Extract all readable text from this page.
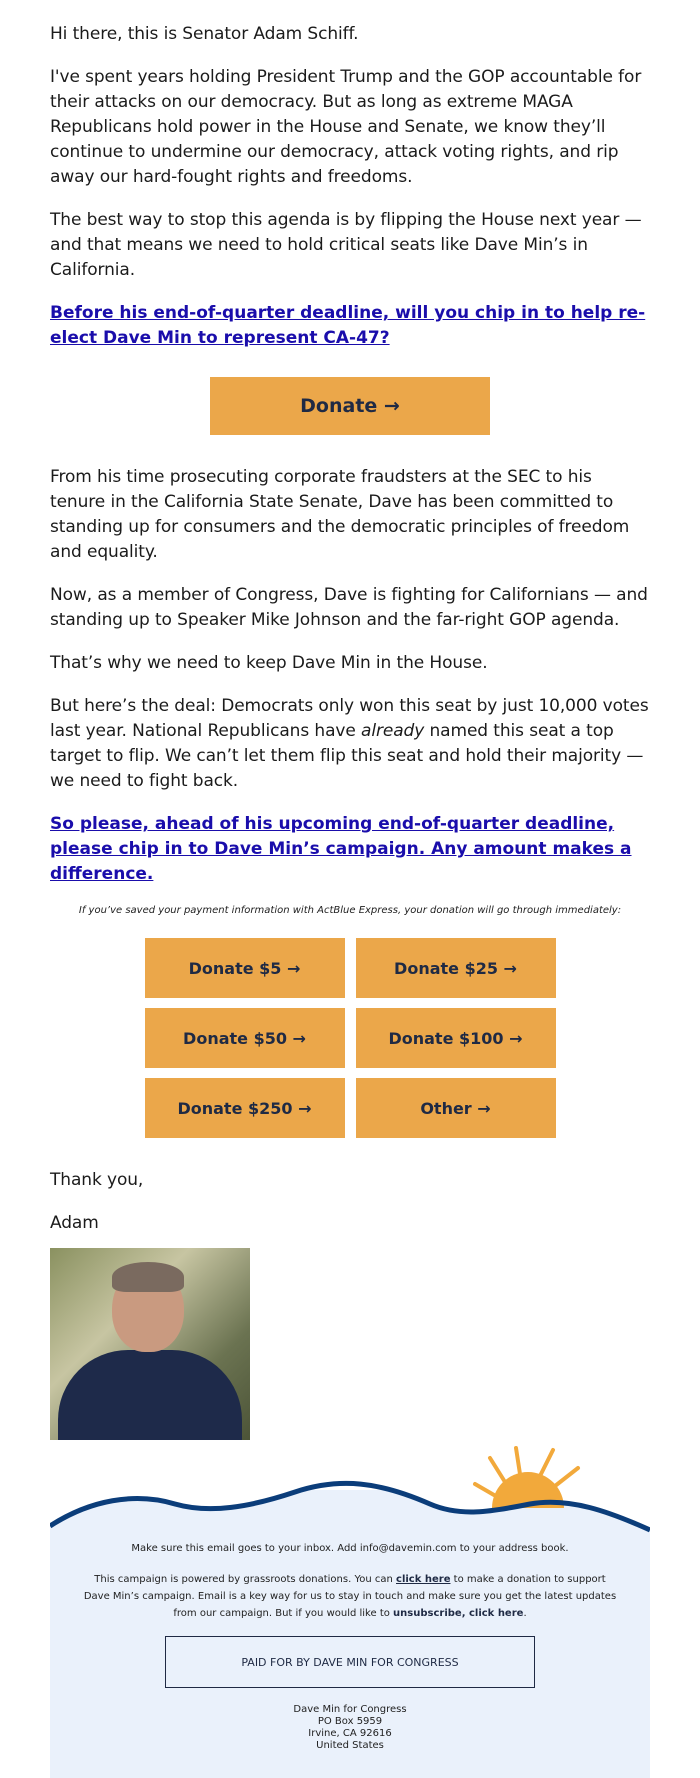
Hi there, this is Senator Adam Schiff.

I've spent years holding President Trump and the GOP accountable for their attacks on our democracy. But as long as extreme MAGA Republicans hold power in the House and Senate, we know they’ll continue to undermine our democracy, attack voting rights, and rip away our hard-fought rights and freedoms.

The best way to stop this agenda is by flipping the House next year — and that means we need to hold critical seats like Dave Min’s in California.

Before his end-of-quarter deadline, will you chip in to help re-elect Dave Min to represent CA-47?
Donate →

From his time prosecuting corporate fraudsters at the SEC to his tenure in the California State Senate, Dave has been committed to standing up for consumers and the democratic principles of freedom and equality.

Now, as a member of Congress, Dave is fighting for Californians — and standing up to Speaker Mike Johnson and the far-right GOP agenda.

That’s why we need to keep Dave Min in the House.

But here’s the deal: Democrats only won this seat by just 10,000 votes last year. National Republicans have already named this seat a top target to flip. We can’t let them flip this seat and hold their majority — we need to fight back.

So please, ahead of his upcoming end-of-quarter deadline, please chip in to Dave Min’s campaign. Any amount makes a difference.
If you’ve saved your payment information with ActBlue Express, your donation will go through immediately:
Donate $5 →	Donate $25 →
Donate $50 →	Donate $100 →
Donate $250 →	Other →

Thank you,

Adam

Make sure this email goes to your inbox. Add info@davemin.com to your address book.

This campaign is powered by grassroots donations. You can click here to make a donation to support Dave Min’s campaign. Email is a key way for us to stay in touch and make sure you get the latest updates from our campaign. But if you would like to unsubscribe, click here.

PAID FOR BY DAVE MIN FOR CONGRESS
Dave Min for Congress
PO Box 5959
Irvine, CA 92616
United States
